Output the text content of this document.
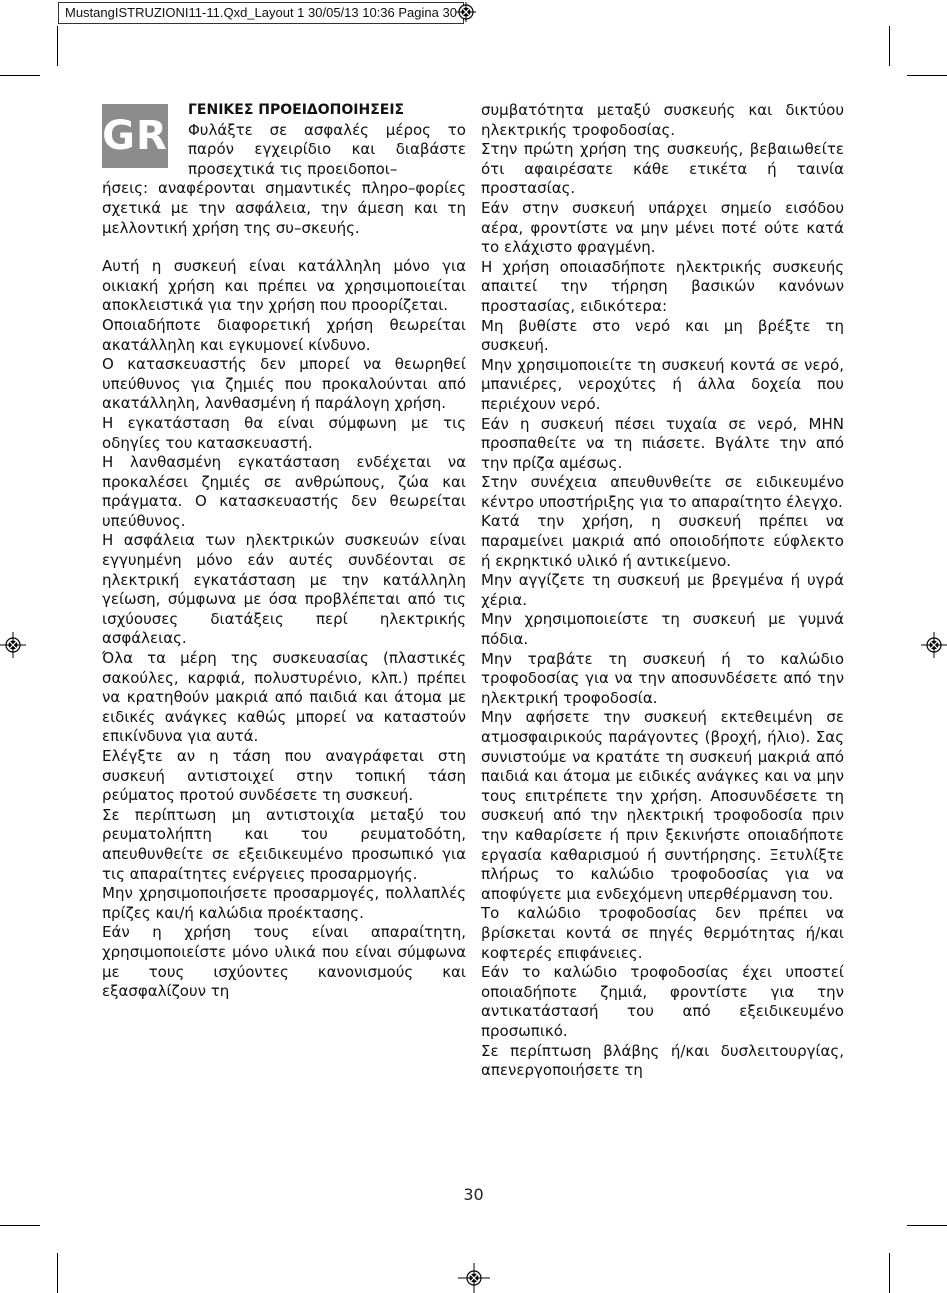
MustangISTRUZIONI11-11.Qxd_Layout 1 30/05/13 10:36 Pagina 30
GR

ΓΕΝΙΚΕΣ ΠΡΟΕΙΔΟΠΟΙΗΣΕΙΣ

Φυλάξτε σε ασφαλές μέρος το παρόν εγχειρίδιο και διαβάστε προσεχτικά τις προειδοποι–

ήσεις: αναφέρονται σημαντικές πληρο–φορίες σχετικά με την ασφάλεια, την άμεση και τη μελλοντική χρήση της συ–σκευής.

Αυτή η συσκευή είναι κατάλληλη μόνο για οικιακή χρήση και πρέπει να χρησιμοποιείται αποκλειστικά για την χρήση που προορίζεται.

Οποιαδήποτε διαφορετική χρήση θεωρείται ακατάλληλη και εγκυμονεί κίνδυνο.

Ο κατασκευαστής δεν μπορεί να θεωρηθεί υπεύθυνος για ζημιές που προκαλούνται από ακατάλληλη, λανθασμένη ή παράλογη χρήση.

Η εγκατάσταση θα είναι σύμφωνη με τις οδηγίες του κατασκευαστή.

Η λανθασμένη εγκατάσταση ενδέχεται να προκαλέσει ζημιές σε ανθρώπους, ζώα και πράγματα. Ο κατασκευαστής δεν θεωρείται υπεύθυνος.

Η ασφάλεια των ηλεκτρικών συσκευών είναι εγγυημένη μόνο εάν αυτές συνδέονται σε ηλεκτρική εγκατάσταση με την κατάλληλη γείωση, σύμφωνα με όσα προβλέπεται από τις ισχύουσες διατάξεις περί ηλεκτρικής ασφάλειας.

Όλα τα μέρη της συσκευασίας (πλαστικές σακούλες, καρφιά, πολυστυρένιο, κλπ.) πρέπει να κρατηθούν μακριά από παιδιά και άτομα με ειδικές ανάγκες καθώς μπορεί να καταστούν επικίνδυνα για αυτά.

Ελέγξτε αν η τάση που αναγράφεται στη συσκευή αντιστοιχεί στην τοπική τάση ρεύματος προτού συνδέσετε τη συσκευή.

Σε περίπτωση μη αντιστοιχία μεταξύ του ρευματολήπτη και του ρευματοδότη, απευθυνθείτε σε εξειδικευμένο προσωπικό για τις απαραίτητες ενέργειες προσαρμογής.

Μην χρησιμοποιήσετε προσαρμογές, πολλαπλές πρίζες και/ή καλώδια προέκτασης.

Εάν η χρήση τους είναι απαραίτητη, χρησιμοποιείστε μόνο υλικά που είναι σύμφωνα με τους ισχύοντες κανονισμούς και εξασφαλίζουν τη

συμβατότητα μεταξύ συσκευής και δικτύου ηλεκτρικής τροφοδοσίας.

Στην πρώτη χρήση της συσκευής, βεβαιωθείτε ότι αφαιρέσατε κάθε ετικέτα ή ταινία προστασίας.

Εάν στην συσκευή υπάρχει σημείο εισόδου αέρα, φροντίστε να μην μένει ποτέ ούτε κατά το ελάχιστο φραγμένη.

Η χρήση οποιασδήποτε ηλεκτρικής συσκευής απαιτεί την τήρηση βασικών κανόνων προστασίας, ειδικότερα:

Μη βυθίστε στο νερό και μη βρέξτε τη συσκευή.

Μην χρησιμοποιείτε τη συσκευή κοντά σε νερό, μπανιέρες, νεροχύτες ή άλλα δοχεία που περιέχουν νερό.

Εάν η συσκευή πέσει τυχαία σε νερό, ΜΗΝ προσπαθείτε να τη πιάσετε. Βγάλτε την από την πρίζα αμέσως.

Στην συνέχεια απευθυνθείτε σε ειδικευμένο κέντρο υποστήριξης για το απαραίτητο έλεγχο.

Κατά την χρήση, η συσκευή πρέπει να παραμείνει μακριά από οποιοδήποτε εύφλεκτο ή εκρηκτικό υλικό ή αντικείμενο.

Μην αγγίζετε τη συσκευή με βρεγμένα ή υγρά χέρια.

Μην χρησιμοποιείστε τη συσκευή με γυμνά πόδια.

Μην τραβάτε τη συσκευή ή το καλώδιο τροφοδοσίας για να την αποσυνδέσετε από την ηλεκτρική τροφοδοσία.

Μην αφήσετε την συσκευή εκτεθειμένη σε ατμοσφαιρικούς παράγοντες (βροχή, ήλιο). Σας συνιστούμε να κρατάτε τη συσκευή μακριά από παιδιά και άτομα με ειδικές ανάγκες και να μην τους επιτρέπετε την χρήση. Αποσυνδέσετε τη συσκευή από την ηλεκτρική τροφοδοσία πριν την καθαρίσετε ή πριν ξεκινήστε οποιαδήποτε εργασία καθαρισμού ή συντήρησης. Ξετυλίξτε πλήρως το καλώδιο τροφοδοσίας για να αποφύγετε μια ενδεχόμενη υπερθέρμανση του.

Το καλώδιο τροφοδοσίας δεν πρέπει να βρίσκεται κοντά σε πηγές θερμότητας ή/και κοφτερές επιφάνειες.

Εάν το καλώδιο τροφοδοσίας έχει υποστεί οποιαδήποτε ζημιά, φροντίστε για την αντικατάστασή του από εξειδικευμένο προσωπικό.

Σε περίπτωση βλάβης ή/και δυσλειτουργίας, απενεργοποιήσετε τη

30
